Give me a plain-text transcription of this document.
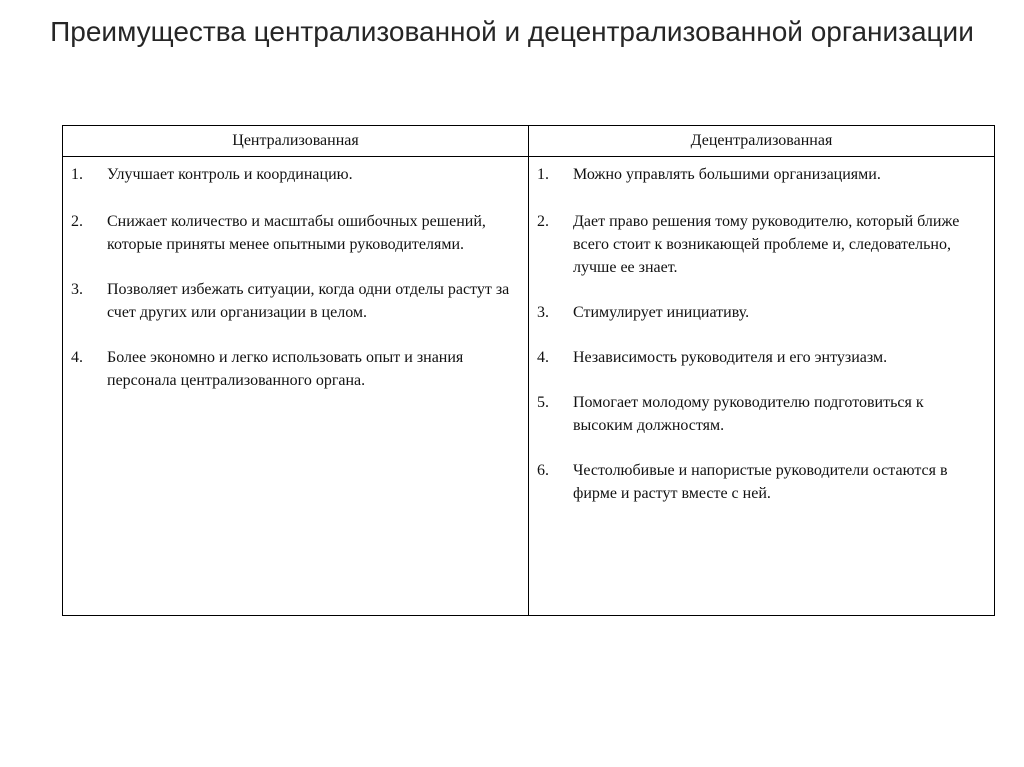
Преимущества централизованной и децентрализованной организации
Централизованная	Децентрализованная
1. Улучшает контроль и координацию.
2. Снижает количество и масштабы ошибочных решений, которые приняты менее опытными руководителями.
3. Позволяет избежать ситуации, когда одни отделы растут за счет других или организации в целом.
4. Более экономно и легко использовать опыт и знания персонала централизованного органа.
1. Можно управлять большими организациями.
2. Дает право решения тому руководителю, который ближе всего стоит к возникающей проблеме и, следовательно, лучше ее знает.
3. Стимулирует инициативу.
4. Независимость руководителя и его энтузиазм.
5. Помогает молодому руководителю подготовиться к высоким должностям.
6. Честолюбивые и напористые руководители остаются в фирме и растут вместе с ней.
